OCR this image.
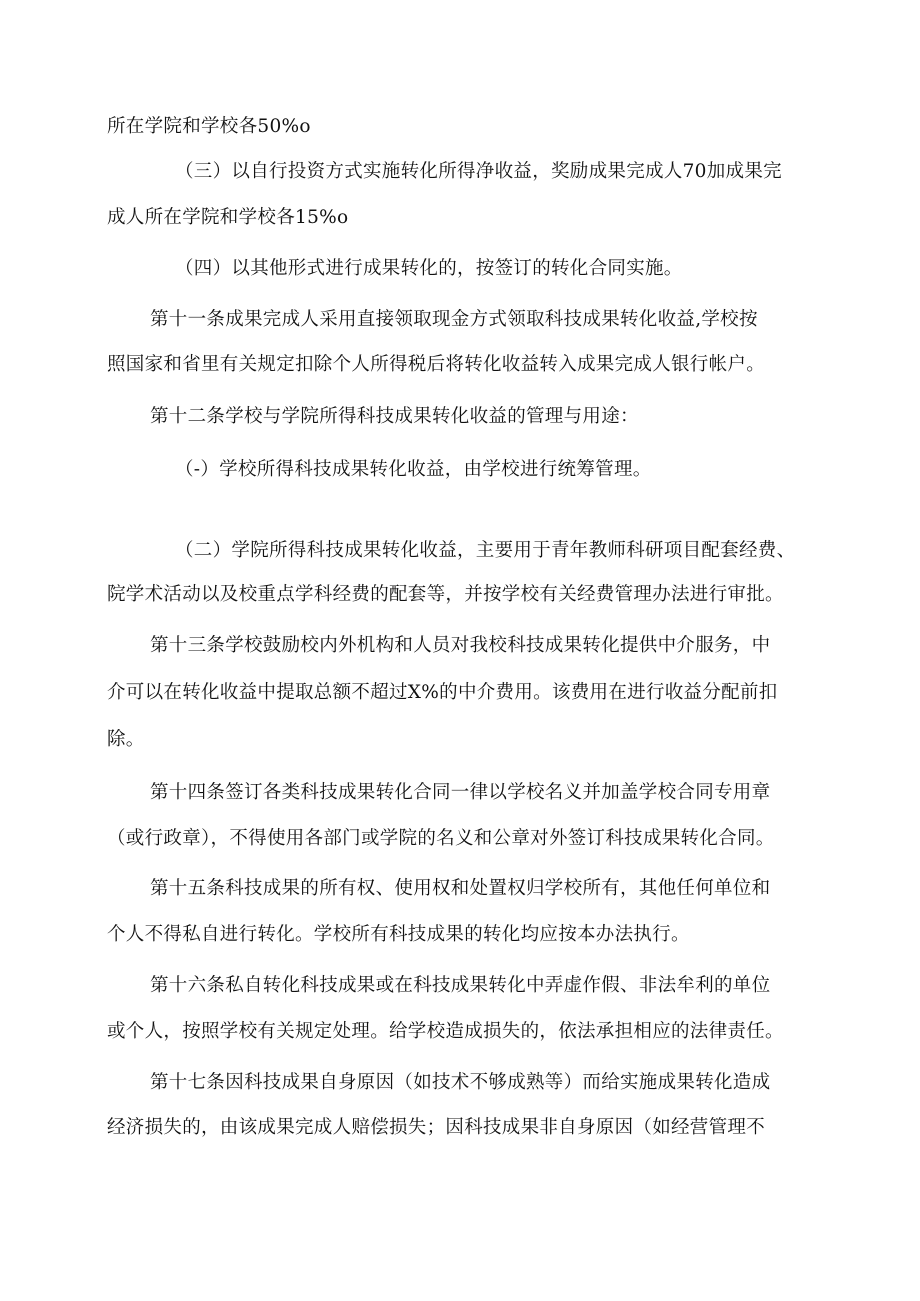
所在学院和学校各50%o
（三）以自行投资方式实施转化所得净收益，奖励成果完成人70加成果完
成人所在学院和学校各15%o
（四）以其他形式进行成果转化的，按签订的转化合同实施。
第十一条成果完成人采用直接领取现金方式领取科技成果转化收益,学校按
照国家和省里有关规定扣除个人所得税后将转化收益转入成果完成人银行帐户。
第十二条学校与学院所得科技成果转化收益的管理与用途：
（-）学校所得科技成果转化收益，由学校进行统筹管理。
（二）学院所得科技成果转化收益，主要用于青年教师科研项目配套经费、
院学术活动以及校重点学科经费的配套等，并按学校有关经费管理办法进行审批。
第十三条学校鼓励校内外机构和人员对我校科技成果转化提供中介服务，中
介可以在转化收益中提取总额不超过X%的中介费用。该费用在进行收益分配前扣
除。
第十四条签订各类科技成果转化合同一律以学校名义并加盖学校合同专用章
（或行政章），不得使用各部门或学院的名义和公章对外签订科技成果转化合同。
第十五条科技成果的所有权、使用权和处置权归学校所有，其他任何单位和
个人不得私自进行转化。学校所有科技成果的转化均应按本办法执行。
第十六条私自转化科技成果或在科技成果转化中弄虚作假、非法牟利的单位
或个人，按照学校有关规定处理。给学校造成损失的，依法承担相应的法律责任。
第十七条因科技成果自身原因（如技术不够成熟等）而给实施成果转化造成
经济损失的，由该成果完成人赔偿损失；因科技成果非自身原因（如经营管理不
